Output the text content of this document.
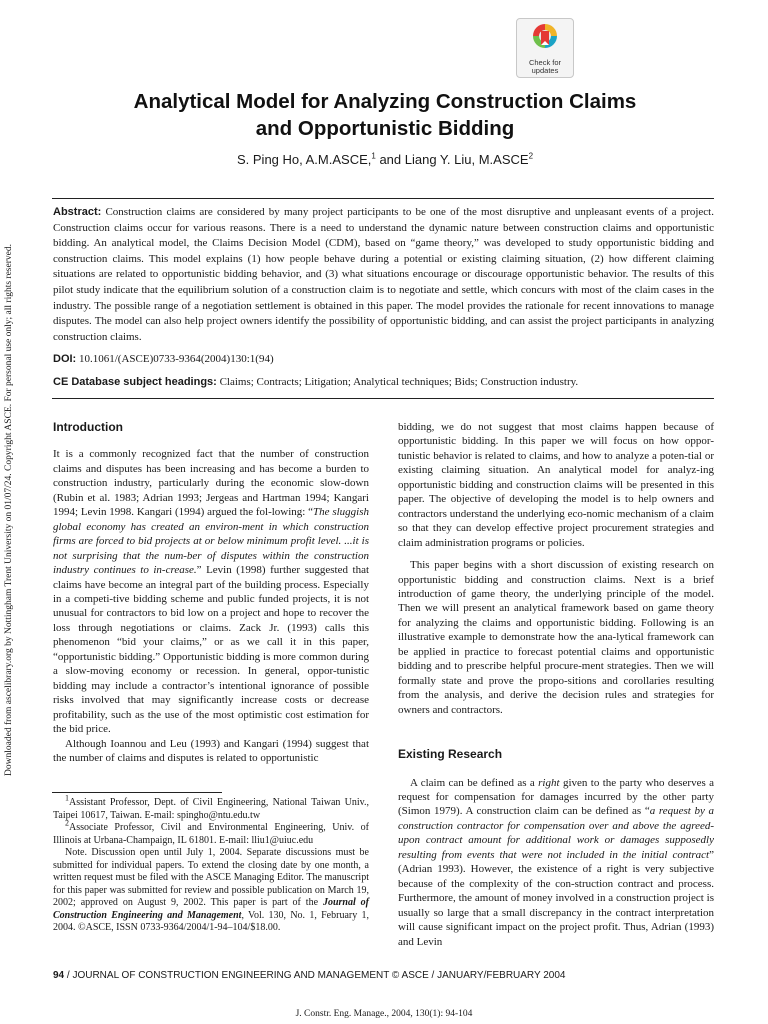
Downloaded from ascelibrary.org by Nottingham Trent University on 01/07/24. Copyright ASCE. For personal use only; all rights reserved.
Check for
updates
Analytical Model for Analyzing Construction Claims
and Opportunistic Bidding
S. Ping Ho, A.M.ASCE,$^1$ and Liang Y. Liu, M.ASCE$^2$
Abstract: Construction claims are considered by many project participants to be one of the most disruptive and unpleasant events of a project. Construction claims occur for various reasons. There is a need to understand the dynamic nature between construction claims and opportunistic bidding. An analytical model, the Claims Decision Model (CDM), based on “game theory,” was developed to study opportunistic bidding and construction claims. This model explains (1) how people behave during a potential or existing claiming situation, (2) how different claiming situations are related to opportunistic bidding behavior, and (3) what situations encourage or discourage opportunistic behavior. The results of this pilot study indicate that the equilibrium solution of a construction claim is to negotiate and settle, which concurs with most of the claim cases in the industry. The possible range of a negotiation settlement is obtained in this paper. The model provides the rationale for recent innovations to manage disputes. The model can also help project owners identify the possibility of opportunistic bidding, and can assist the project participants in analyzing construction claims.
DOI: 10.1061/(ASCE)0733-9364(2004)130:1(94)
CE Database subject headings: Claims; Contracts; Litigation; Analytical techniques; Bids; Construction industry.
Introduction

It is a commonly recognized fact that the number of construction claims and disputes has been increasing and has become a burden to construction industry, particularly during the economic slow-down (Rubin et al. 1983; Adrian 1993; Jergeas and Hartman 1994; Kangari 1994; Levin 1998. Kangari (1994) argued the fol-lowing: “The sluggish global economy has created an environ-ment in which construction firms are forced to bid projects at or below minimum profit level. ...it is not surprising that the num-ber of disputes within the construction industry continues to in-crease.” Levin (1998) further suggested that claims have become an integral part of the building process. Especially in a competi-tive bidding scheme and public funded projects, it is not unusual for contractors to bid low on a project and hope to recover the loss through negotiations or claims. Zack Jr. (1993) calls this phenomenon “bid your claims,” or as we call it in this paper, “opportunistic bidding.” Opportunistic bidding is more common during a slow-moving economy or recession. In general, oppor-tunistic bidding may include a contractor’s intentional ignorance of possible risks involved that may significantly increase costs or decrease profitability, such as the use of the most optimistic cost estimation for the bid price.

Although Ioannou and Leu (1993) and Kangari (1994) suggest that the number of claims and disputes is related to opportunistic

bidding, we do not suggest that most claims happen because of opportunistic bidding. In this paper we will focus on how oppor-tunistic behavior is related to claims, and how to analyze a poten-tial or existing claiming situation. An analytical model for analyz-ing opportunistic bidding and construction claims will be presented in this paper. The objective of developing the model is to help owners and contractors understand the underlying eco-nomic mechanism of a claim so that they can develop effective project procurement strategies and claim administration programs or policies.

This paper begins with a short discussion of existing research on opportunistic bidding and construction claims. Next is a brief introduction of game theory, the underlying principle of the model. Then we will present an analytical framework based on game theory for analyzing the claims and opportunistic bidding. Following is an illustrative example to demonstrate how the ana-lytical framework can be applied in practice to forecast potential claims and opportunistic bidding and to prescribe helpful procure-ment strategies. Then we will formally state and prove the propo-sitions and corollaries resulting from the analysis, and derive the decision rules and strategies for owners and contractors.

Existing Research

A claim can be defined as a right given to the party who deserves a request for compensation for damages incurred by the other party (Simon 1979). A construction claim can be defined as “a request by a construction contractor for compensation over and above the agreed-upon contract amount for additional work or damages supposedly resulting from events that were not included in the initial contract” (Adrian 1993). However, the existence of a right is very subjective because of the complexity of the con-struction contract and process. Furthermore, the amount of money involved in a construction project is usually so large that a small discrepancy in the contract interpretation will cause significant impact on the project profit. Thus, Adrian (1993) and Levin

$^1$Assistant Professor, Dept. of Civil Engineering, National Taiwan Univ., Taipei 10617, Taiwan. E-mail: spingho@ntu.edu.tw

$^2$Associate Professor, Civil and Environmental Engineering, Univ. of Illinois at Urbana-Champaign, IL 61801. E-mail: lliu1@uiuc.edu

Note. Discussion open until July 1, 2004. Separate discussions must be submitted for individual papers. To extend the closing date by one month, a written request must be filed with the ASCE Managing Editor. The manuscript for this paper was submitted for review and possible publication on March 19, 2002; approved on August 9, 2002. This paper is part of the Journal of Construction Engineering and Management, Vol. 130, No. 1, February 1, 2004. ©ASCE, ISSN 0733-9364/2004/1-94–104/$18.00.

94 / JOURNAL OF CONSTRUCTION ENGINEERING AND MANAGEMENT © ASCE / JANUARY/FEBRUARY 2004
J. Constr. Eng. Manage., 2004, 130(1): 94-104
